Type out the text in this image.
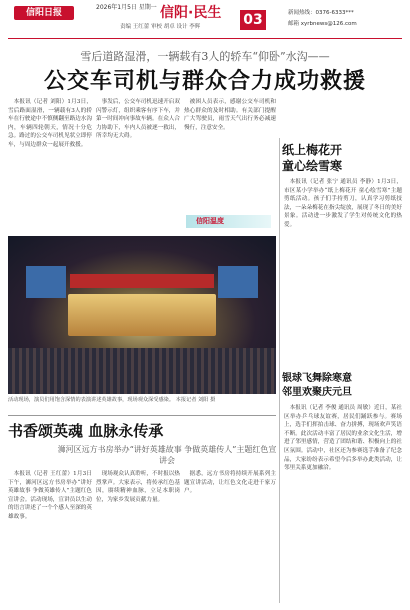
信阳日报
2026年1月5日 星期一 信阳·民生
责编 王红蕾 审校 胡卓 设计 李辉	03	新闻热线：0376-6333***
邮箱 xyrbnews@126.com
雪后道路湿滑，一辆载有3人的轿车“仰卧”水沟——
公交车司机与群众合力成功救援

本报讯（记者 刘阳）1月3日，雪后路面湿滑，一辆载有3人的轿车在行驶途中不慎侧翻至路边水沟内，车辆四轮朝天，情况十分危急。路过的公交车司机见状立即停车，与周边群众一起展开救援。

事发后，公交车司机迅速开启双闪警示灯，组织乘客有序下车，并第一时间冲向事故车辆。在众人合力协助下，车内人员被逐一救出，所幸均无大碍。

被困人员表示，感谢公交车司机和热心群众的及时相助。有关部门提醒广大驾驶员，雨雪天气出行务必减速慢行，注意安全。

纸上梅花开
童心绘雪寒

本报讯（记者 张宁 通讯员 李静）1月3日，市区某小学举办“纸上梅花开 童心绘雪寒”主题剪纸活动。孩子们手持剪刀，认真学习剪纸技法，一朵朵梅花在指尖绽放，展现了冬日的美好景象。活动进一步激发了学生对传统文化的热爱。

信阳温度
活动现场，演员们用饱含深情的表演讲述英雄故事，现场观众深受感染。 本报记者 刘阳 摄
书香颂英魂 血脉永传承
浉河区远方书房举办“讲好英雄故事 争做英雄传人”主题红色宣讲会

本报讯（记者 王红蕾）1月3日下午，浉河区远方书房举办“讲好英雄故事 争做英雄传人”主题红色宣讲会。活动现场，宣讲员以生动的语言讲述了一个个感人至深的英雄故事。

现场观众认真聆听，不时报以热烈掌声。大家表示，将传承红色基因，赓续精神血脉，立足本职岗位，为家乡发展贡献力量。

据悉，远方书房将持续开展系列主题宣讲活动，让红色文化走进千家万户。

银球飞舞除寒意
邻里欢聚庆元旦

本报讯（记者 李俊 通讯员 周敏）近日，某社区举办乒乓球友谊赛，居民们踊跃参与。赛场上，选手们挥拍击球、奋力拼搏，现场欢声笑语不断。此次活动丰富了居民的业余文化生活，增进了邻里感情，营造了团结和谐、积极向上的社区氛围。活动中，社区还为参赛选手准备了纪念品，大家纷纷表示希望今后多举办此类活动，让邻里关系更加融洽。
